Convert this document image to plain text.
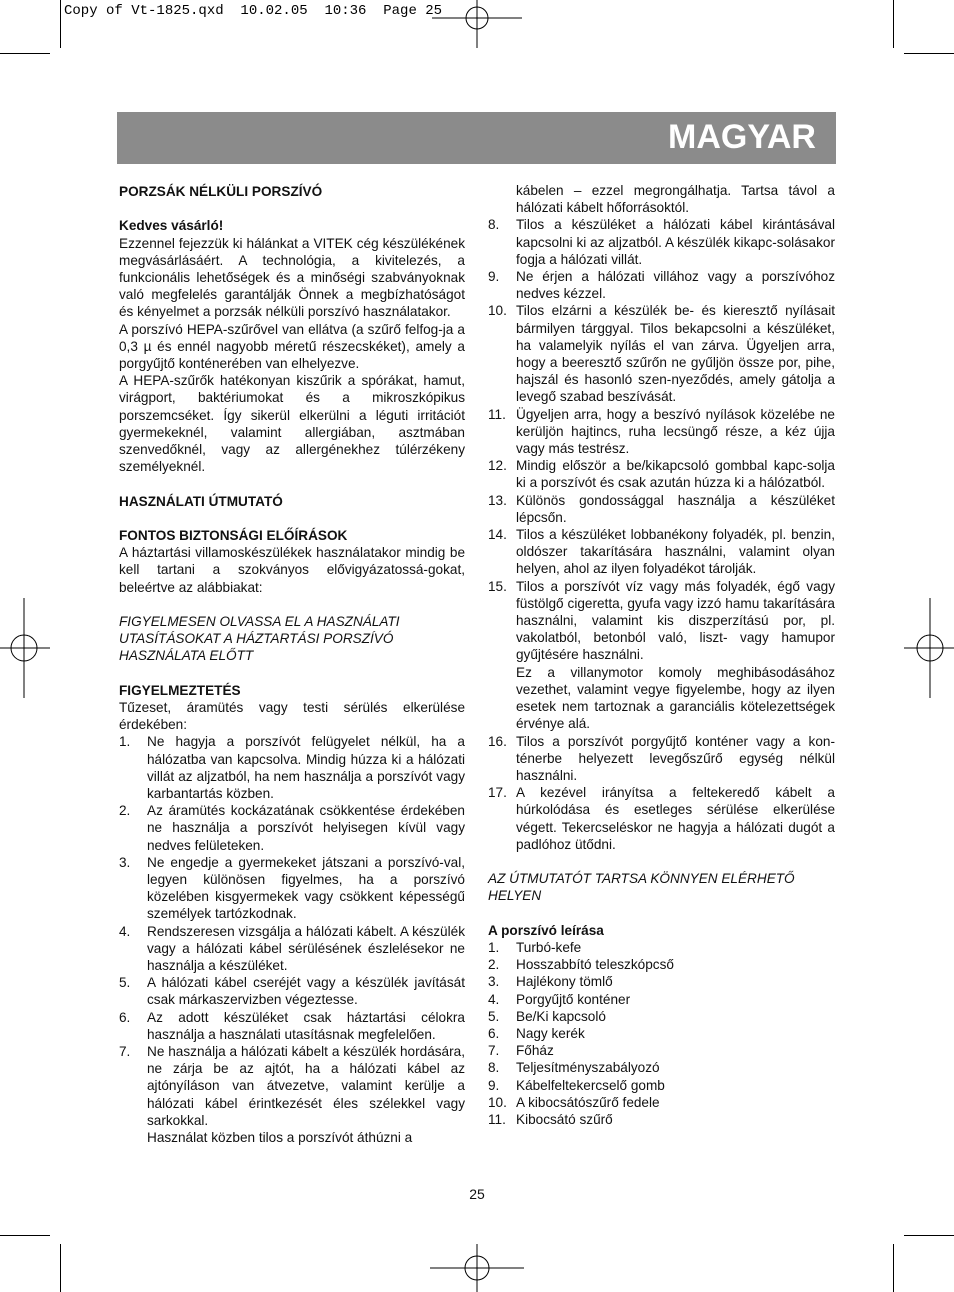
Copy of Vt-1825.qxd  10.02.05  10:36  Page 25
MAGYAR

PORZSÁK NÉLKÜLI PORSZÍVÓ

Kedves vásárló!

Ezzennel fejezzük ki hálánkat a VITEK cég készülékének megvásárlásáért. A technológia, a kivitelezés, a funkcionális lehetőségek és a minőségi szabványoknak való megfelelés garantálják Önnek a megbízhatóságot és kényelmet a porzsák nélküli porszívó használatakor.

A porszívó HEPA-szűrővel van ellátva (a szűrő felfog-ja a 0,3 µ és ennél nagyobb méretű részecskéket), amely a porgyűjtő konténerében van elhelyezve.

A HEPA-szűrők hatékonyan kiszűrik a spórákat, hamut, virágport, baktériumokat és a mikroszkópikus porszemcséket. Így sikerül elkerülni a léguti irritációt gyermekeknél, valamint allergiában, asztmában szenvedőknél, vagy az allergénekhez túlérzékeny személyeknél.

HASZNÁLATI ÚTMUTATÓ

FONTOS BIZTONSÁGI ELŐÍRÁSOK

A háztartási villamoskészülékek használatakor mindig be kell tartani a szokványos elővigyázatossá-gokat, beleértve az alábbiakat:

FIGYELMESEN OLVASSA EL A HASZNÁLATI UTASÍTÁSOKAT A HÁZTARTÁSI PORSZÍVÓ HASZNÁLATA ELŐTT

FIGYELMEZTETÉS

Tűzeset, áramütés vagy testi sérülés elkerülése érdekében:

1.	Ne hagyja a porszívót felügyelet nélkül, ha a hálózatba van kapcsolva. Mindig húzza ki a hálózati villát az aljzatból, ha nem használja a porszívót vagy karbantartás közben.
2.	Az áramütés kockázatának csökkentése érdekében ne használja a porszívót helyisegen kívül vagy nedves felületeken.
3.	Ne engedje a gyermekeket játszani a porszívó-val, legyen különösen figyelmes, ha a porszívó közelében kisgyermekek vagy csökkent képességű személyek tartózkodnak.
4.	Rendszeresen vizsgálja a hálózati kábelt. A készülék vagy a hálózati kábel sérülésének észlelésekor ne használja a készüléket.
5.	A hálózati kábel cseréjét vagy a készülék javítását csak márkaszervizben végeztesse.
6.	Az adott készüléket csak háztartási célokra használja a használati utasításnak megfelelően.
7.	Ne használja a hálózati kábelt a készülék hordására, ne zárja be az ajtót, ha a hálózati kábel az ajtónyíláson van átvezetve, valamint kerülje a hálózati kábel érintkezését éles szélekkel vagy sarkokkal.
Használat közben tilos a porszívót áthúzni a
kábelen – ezzel megrongálhatja. Tartsa távol a hálózati kábelt hőforrásoktól.
8.	Tilos a készüléket a hálózati kábel kirántásával kapcsolni ki az aljzatból. A készülék kikapc-solásakor fogja a hálózati villát.
9.	Ne érjen a hálózati villához vagy a porszívóhoz nedves kézzel.
10. Tilos elzárni a készülék be- és kieresztő nyílásait bármilyen tárggyal. Tilos bekapcsolni a készüléket, ha valamelyik nyílás el van zárva. Ügyeljen arra, hogy a beeresztő szűrőn ne gyűljön össze por, pihe, hajszál és hasonló szen-nyeződés, amely gátolja a levegő szabad beszívását.
11. Ügyeljen arra, hogy a beszívó nyílások közelébe ne kerüljön hajtincs, ruha lecsüngő része, a kéz újja vagy más testrész.
12. Mindig először a be/kikapcsoló gombbal kapc-solja ki a porszívót és csak azután húzza ki a hálózatból.
13. Különös gondossággal használja a készüléket lépcsőn.
14. Tilos a készüléket lobbanékony folyadék, pl. benzin, oldószer takarítására használni, valamint olyan helyen, ahol az ilyen folyadékot tárolják.
15. Tilos a porszívót víz vagy más folyadék, égő vagy füstölgő cigeretta, gyufa vagy izzó hamu takarítására használni, valamint kis diszperzítású por, pl. vakolatból, betonból való, liszt- vagy hamupor gyűjtésére használni.
Ez a villanymotor komoly meghibásodásához vezethet, valamint vegye figyelembe, hogy az ilyen esetek nem tartoznak a garanciális kötelezettségek érvénye alá.
16. Tilos a porszívót porgyűjtő konténer vagy a kon-ténerbe helyezett levegőszűrő egység nélkül használni.
17. A kezével irányítsa a feltekeredő kábelt a húrkolódása és esetleges sérülése elkerülése végett. Tekercseléskor ne hagyja a hálózati dugót a padlóhoz ütődni.

AZ ÚTMUTATÓT TARTSA KÖNNYEN ELÉRHETŐ HELYEN

A porszívó leírása

1.	Turbó-kefe
2.	Hosszabbító teleszkópcső
3.	Hajlékony tömlő
4.	Porgyűjtő konténer
5.	Be/Ki kapcsoló
6.	Nagy kerék
7.	Főház
8.	Teljesítményszabályozó
9.	Kábelfeltekercselő gomb
10. A kibocsátószűrő fedele
11. Kibocsátó szűrő
25
